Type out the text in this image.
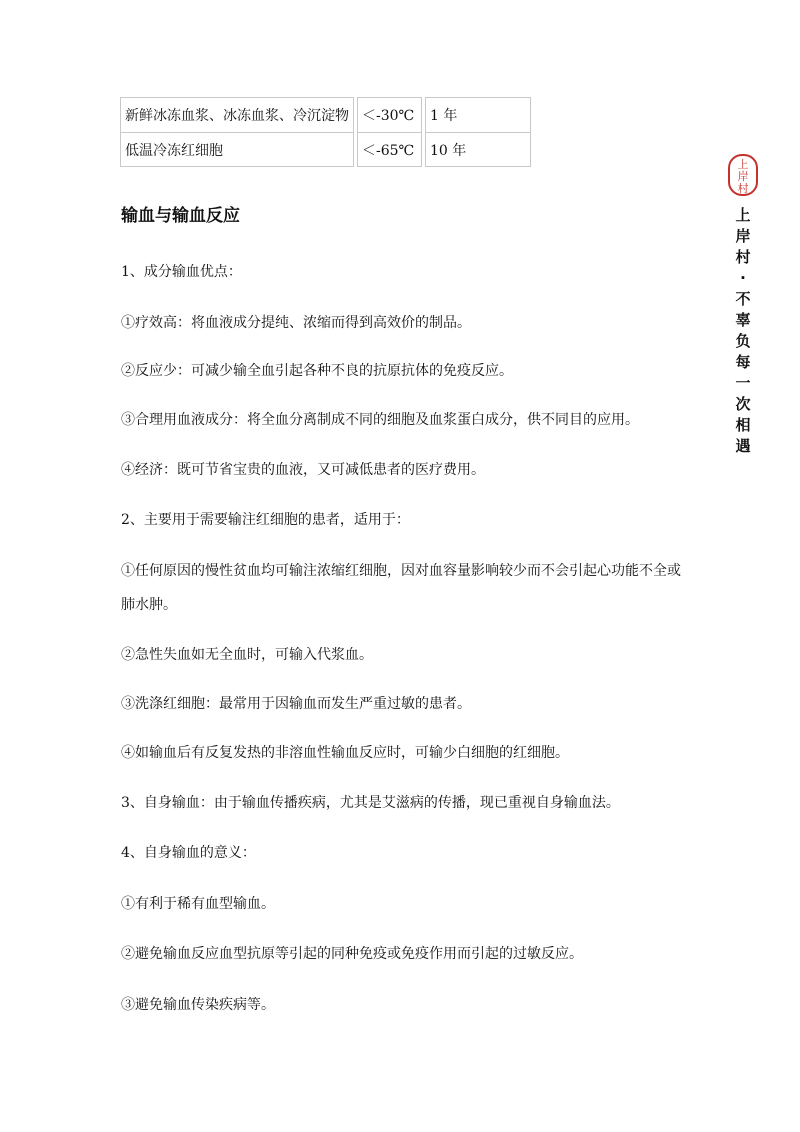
新鲜冰冻血浆、冰冻血浆、冷沉淀物	＜-30℃	1 年
低温冷冻红细胞	＜-65℃	10 年
输血与输血反应

1、成分输血优点：

①疗效高：将血液成分提纯、浓缩而得到高效价的制品。

②反应少：可减少输全血引起各种不良的抗原抗体的免疫反应。

③合理用血液成分：将全血分离制成不同的细胞及血浆蛋白成分，供不同目的应用。

④经济：既可节省宝贵的血液，又可减低患者的医疗费用。

2、主要用于需要输注红细胞的患者，适用于：

①任何原因的慢性贫血均可输注浓缩红细胞，因对血容量影响较少而不会引起心功能不全或肺水肿。

②急性失血如无全血时，可输入代浆血。

③洗涤红细胞：最常用于因输血而发生严重过敏的患者。

④如输血后有反复发热的非溶血性输血反应时，可输少白细胞的红细胞。

3、自身输血：由于输血传播疾病，尤其是艾滋病的传播，现已重视自身输血法。

4、自身输血的意义：

①有利于稀有血型输血。

②避免输血反应血型抗原等引起的同种免疫或免疫作用而引起的过敏反应。

③避免输血传染疾病等。

上
岸
村
上岸村·不辜负每一次相遇
